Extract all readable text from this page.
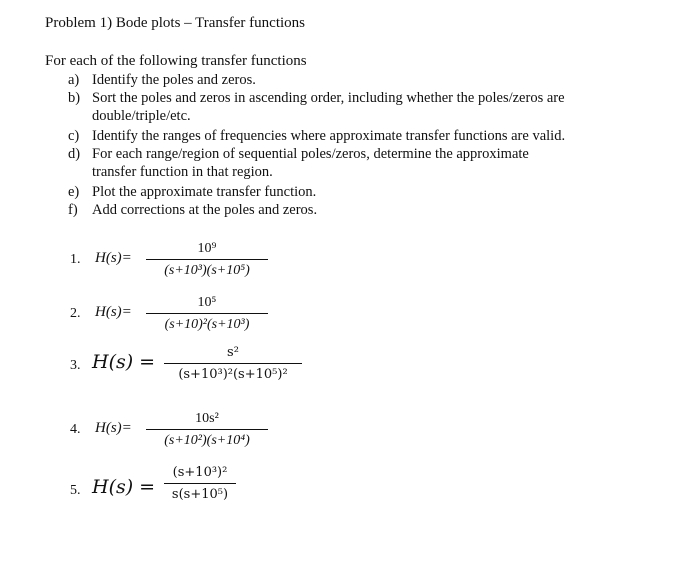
Problem 1) Bode plots – Transfer functions
For each of the following transfer functions
a) Identify the poles and zeros.
b) Sort the poles and zeros in ascending order, including whether the poles/zeros are
double/triple/etc.
c) Identify the ranges of frequencies where approximate transfer functions are valid.
d) For each range/region of sequential poles/zeros, determine the approximate
transfer function in that region.
e) Plot the approximate transfer function.
f) Add corrections at the poles and zeros.
1. H(s)=
10⁹
(s+10³)(s+10⁵)
2. H(s)=
10⁵
(s+10)²(s+10³)
3. H(s) =	s²
(s+10³)²(s+10⁵)²
4. H(s)=
10s²
(s+10²)(s+10⁴)
5. H(s) =
(s+10³)²
s(s+10⁵)
